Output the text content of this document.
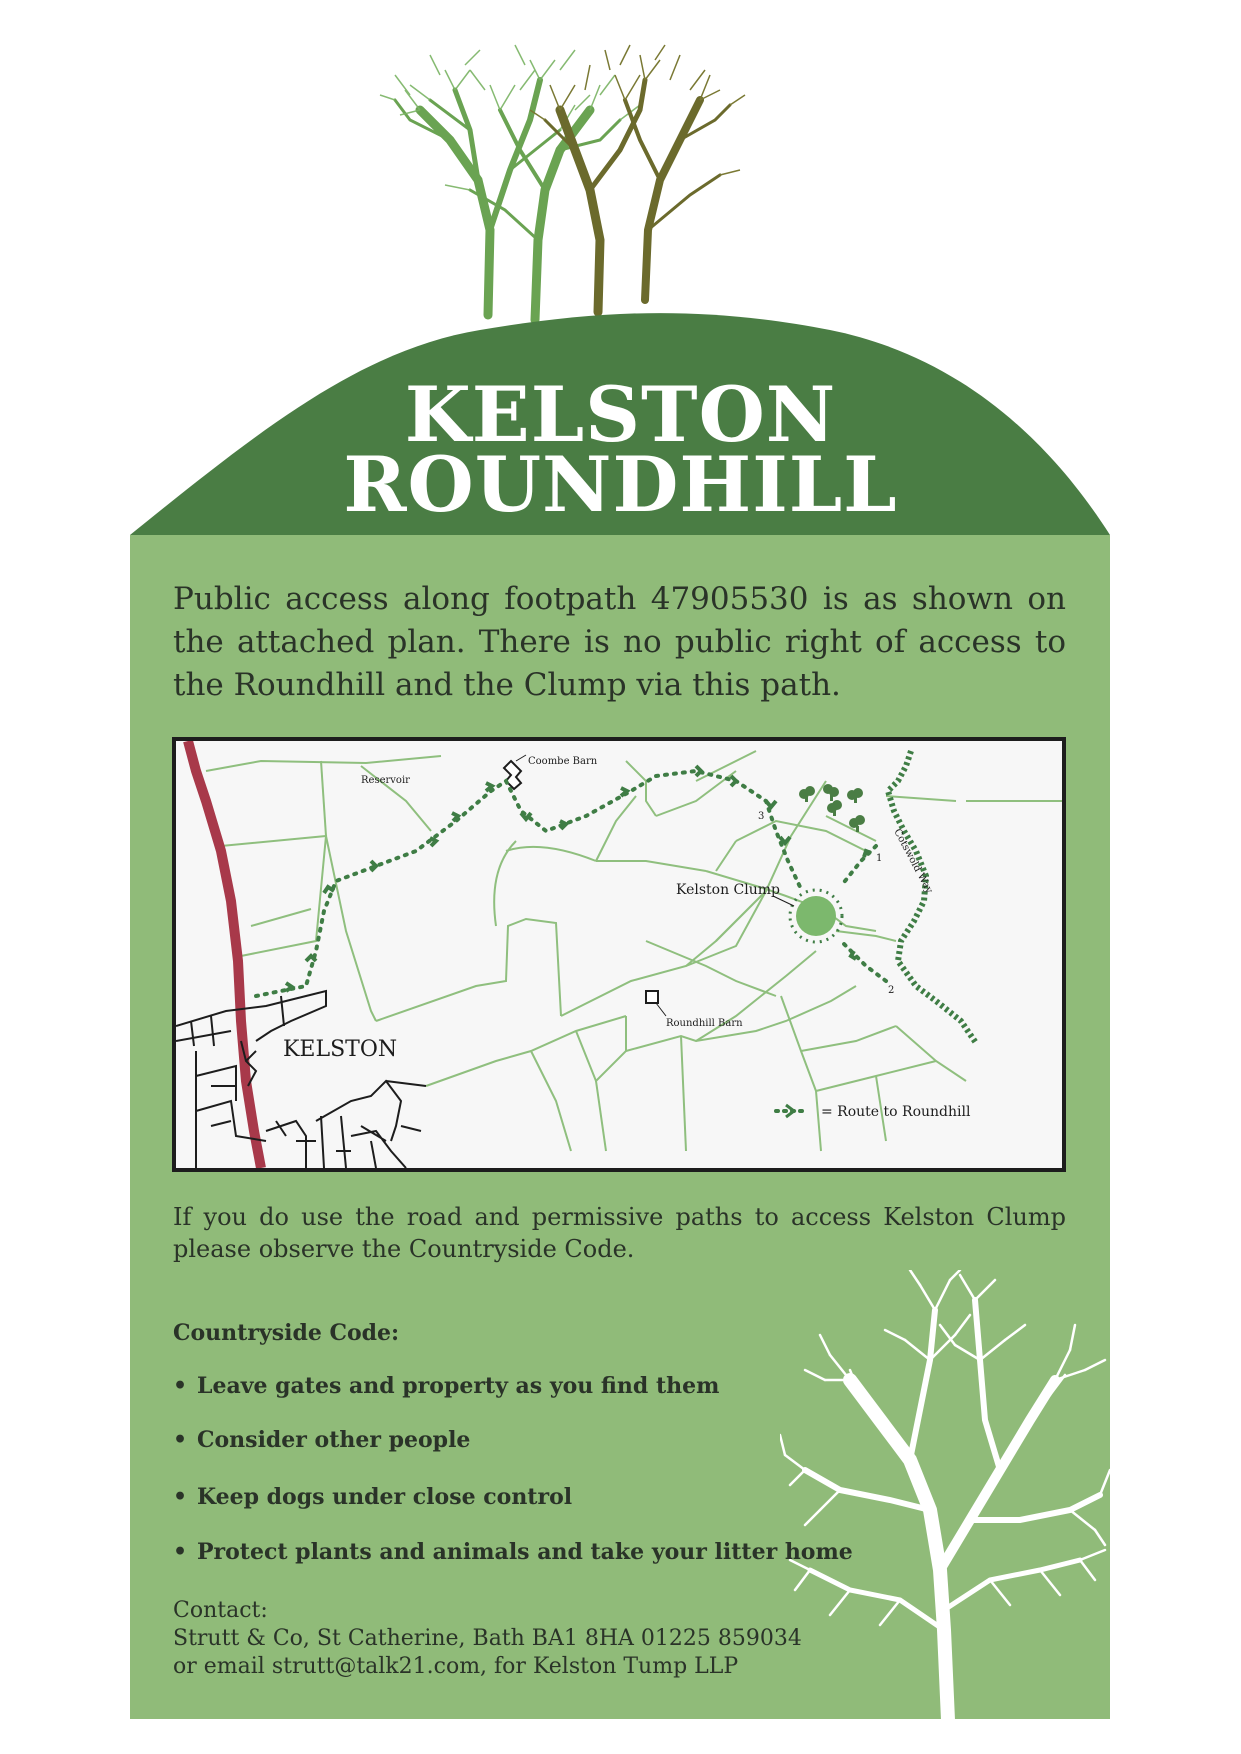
KELSTON
ROUNDHILL
Public access along footpath 47905530 is as shown on the attached plan. There is no public right of access to the Roundhill and the Clump via this path.
Coombe Barn
Reservoir
Kelston Clump
Roundhill Barn
KELSTON
1
2
3
Cotswold Way
= Route to Roundhill
If you do use the road and permissive paths to access Kelston Clump please observe the Countryside Code.
Countryside Code:
• Leave gates and property as you find them
• Consider other people
• Keep dogs under close control
• Protect plants and animals and take your litter home
Contact:
Strutt & Co, St Catherine, Bath BA1 8HA 01225 859034
or email strutt@talk21.com, for Kelston Tump LLP
